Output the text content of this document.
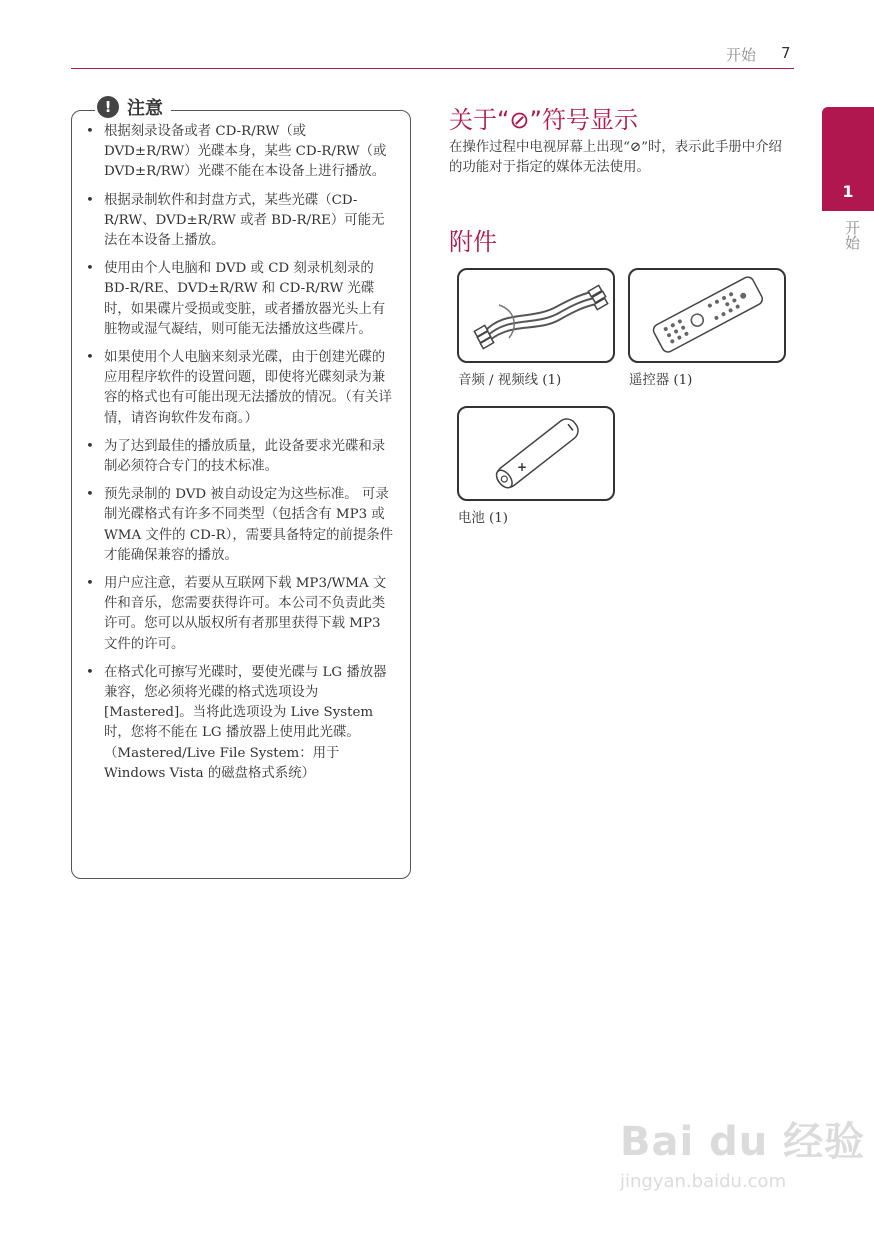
开始 7
1
开始
! 注意
• 根据刻录设备或者 CD-R/RW（或 DVD±R/RW）光碟本身，某些 CD-R/RW（或 DVD±R/RW）光碟不能在本设备上进行播放。
• 根据录制软件和封盘方式，某些光碟（CD-R/RW、DVD±R/RW 或者 BD-R/RE）可能无法在本设备上播放。
• 使用由个人电脑和 DVD 或 CD 刻录机刻录的 BD-R/RE、DVD±R/RW 和 CD-R/RW 光碟时，如果碟片受损或变脏，或者播放器光头上有脏物或湿气凝结，则可能无法播放这些碟片。
• 如果使用个人电脑来刻录光碟，由于创建光碟的应用程序软件的设置问题，即使将光碟刻录为兼容的格式也有可能出现无法播放的情况。（有关详情，请咨询软件发布商。）
• 为了达到最佳的播放质量，此设备要求光碟和录制必须符合专门的技术标准。
• 预先录制的 DVD 被自动设定为这些标准。 可录制光碟格式有许多不同类型（包括含有 MP3 或 WMA 文件的 CD-R），需要具备特定的前提条件才能确保兼容的播放。
• 用户应注意，若要从互联网下载 MP3/WMA 文件和音乐，您需要获得许可。本公司不负责此类许可。您可以从版权所有者那里获得下载 MP3 文件的许可。
• 在格式化可擦写光碟时，要使光碟与 LG 播放器兼容，您必须将光碟的格式选项设为 [Mastered]。当将此选项设为 Live System 时，您将不能在 LG 播放器上使用此光碟。（Mastered/Live File System：用于 Windows Vista 的磁盘格式系统）
关于“⊘”符号显示
在操作过程中电视屏幕上出现“⊘”时，表示此手册中介绍的功能对于指定的媒体无法使用。
附件
音频 / 视频线 (1)	遥控器 (1)
+
电池 (1)
Bai du 经验
jingyan.baidu.com
